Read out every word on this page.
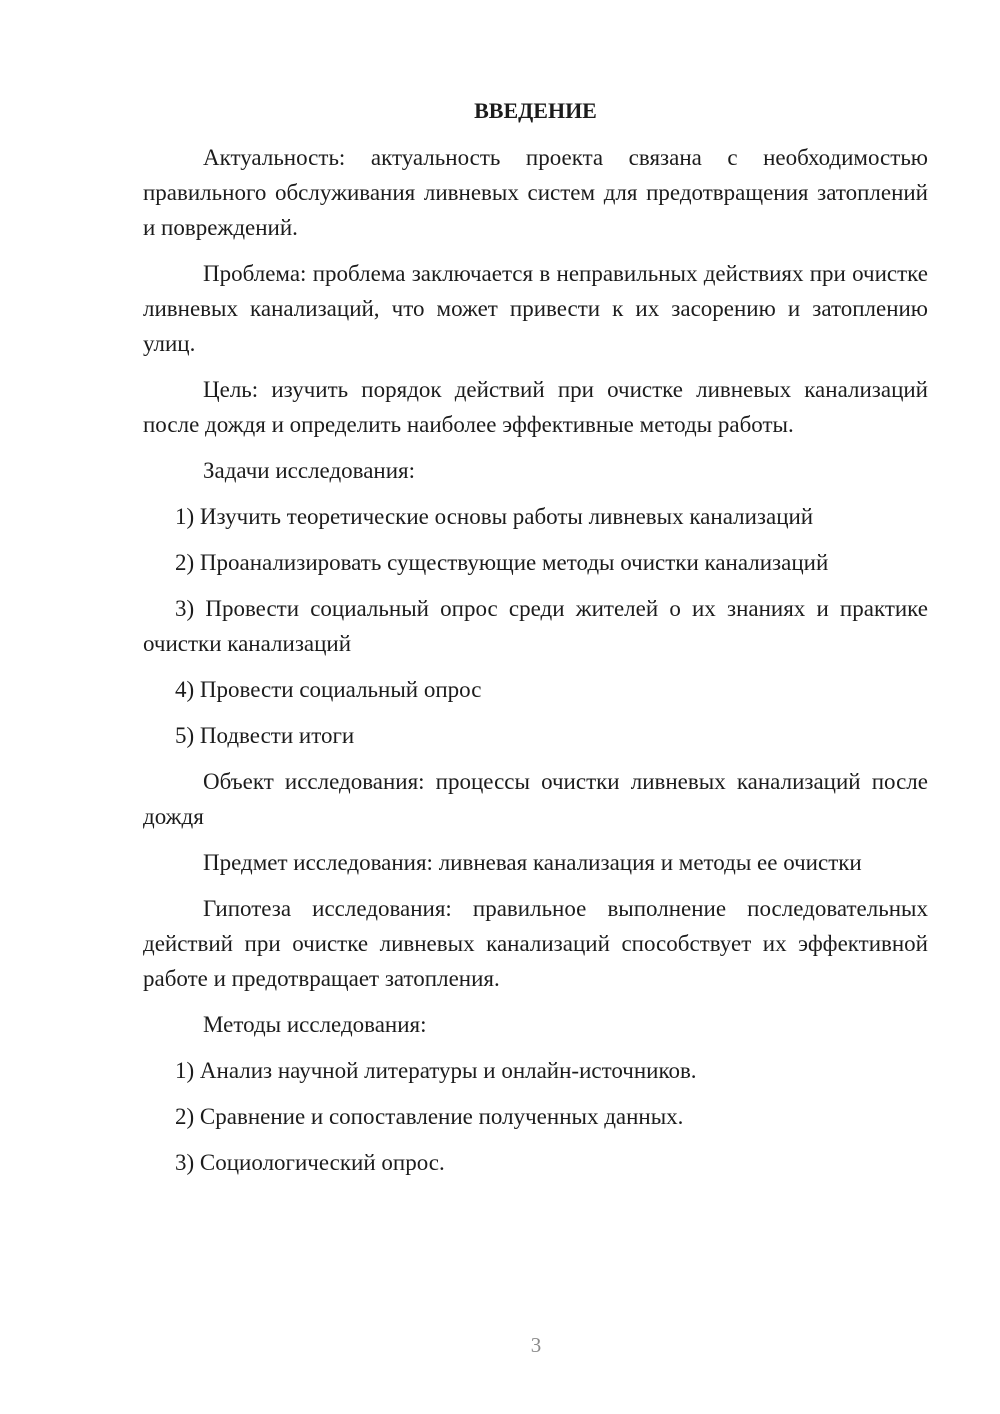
ВВЕДЕНИЕ

Актуальность: актуальность проекта связана с необходимостью правильного обслуживания ливневых систем для предотвращения затоплений и повреждений.

Проблема: проблема заключается в неправильных действиях при очистке ливневых канализаций, что может привести к их засорению и затоплению улиц.

Цель: изучить порядок действий при очистке ливневых канализаций после дождя и определить наиболее эффективные методы работы.

Задачи исследования:

1) Изучить теоретические основы работы ливневых канализаций

2) Проанализировать существующие методы очистки канализаций

3) Провести социальный опрос среди жителей о их знаниях и практике очистки канализаций

4) Провести социальный опрос

5) Подвести итоги

Объект исследования: процессы очистки ливневых канализаций после дождя

Предмет исследования: ливневая канализация и методы ее очистки

Гипотеза исследования: правильное выполнение последовательных действий при очистке ливневых канализаций способствует их эффективной работе и предотвращает затопления.

Методы исследования:

1) Анализ научной литературы и онлайн-источников.

2) Сравнение и сопоставление полученных данных.

3) Социологический опрос.

3
